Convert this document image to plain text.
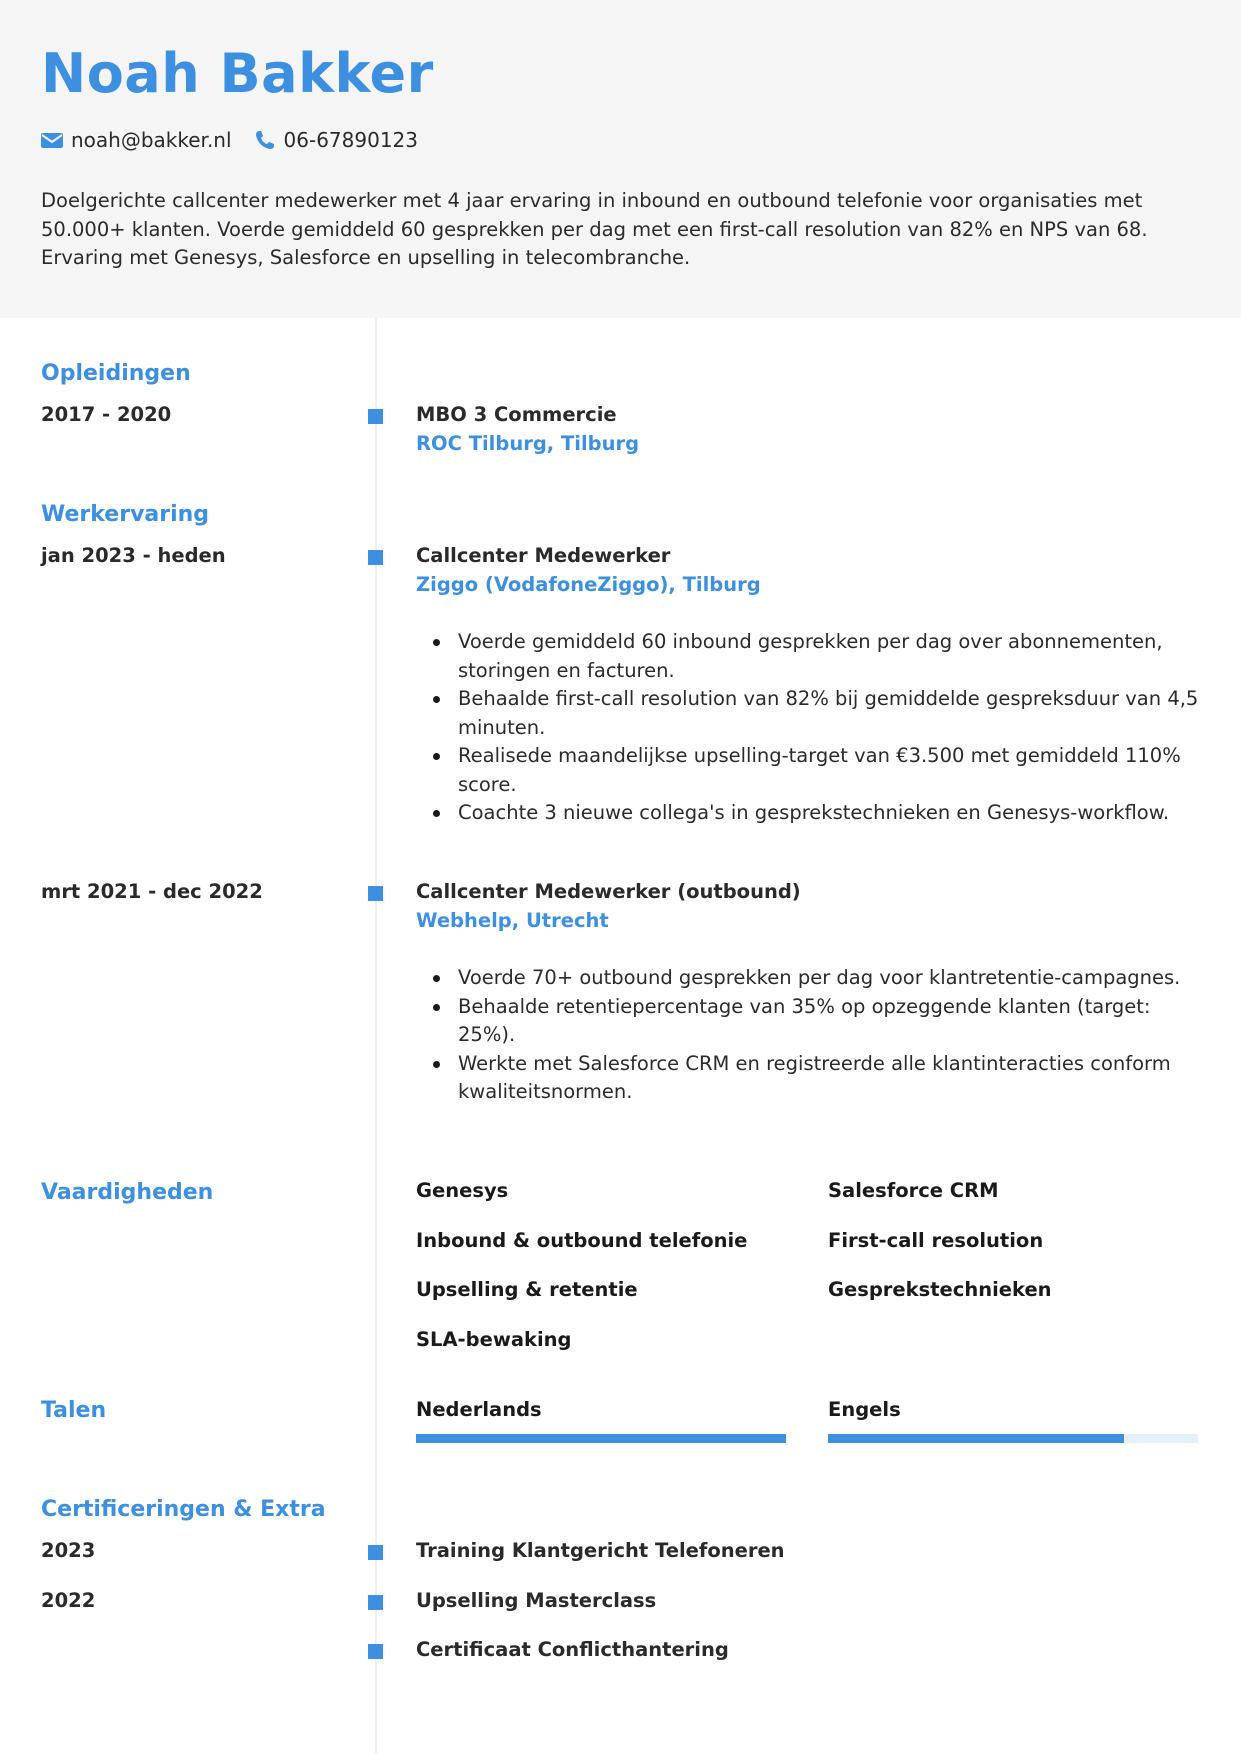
Noah Bakker
noah@bakker.nl	06-67890123
Doelgerichte callcenter medewerker met 4 jaar ervaring in inbound en outbound telefonie voor organisaties met 50.000+ klanten. Voerde gemiddeld 60 gesprekken per dag met een first-call resolution van 82% en NPS van 68. Ervaring met Genesys, Salesforce en upselling in telecombranche.
Opleidingen
2017 - 2020	MBO 3 Commercie
ROC Tilburg, Tilburg
Werkervaring
jan 2023 - heden	Callcenter Medewerker
Ziggo (VodafoneZiggo), Tilburg
Voerde gemiddeld 60 inbound gesprekken per dag over abonnementen, storingen en facturen.
Behaalde first-call resolution van 82% bij gemiddelde gespreksduur van 4,5 minuten.
Realisede maandelijkse upselling-target van €3.500 met gemiddeld 110% score.
Coachte 3 nieuwe collega's in gesprekstechnieken en Genesys-workflow.
mrt 2021 - dec 2022	Callcenter Medewerker (outbound)
Webhelp, Utrecht
Voerde 70+ outbound gesprekken per dag voor klantretentie-campagnes.
Behaalde retentiepercentage van 35% op opzeggende klanten (target: 25%).
Werkte met Salesforce CRM en registreerde alle klantinteracties conform kwaliteitsnormen.
Vaardigheden	Genesys	Salesforce CRM
Inbound & outbound telefonie	First-call resolution
Upselling & retentie	Gesprekstechnieken
SLA-bewaking
Talen	Nederlands	Engels
Certificeringen & Extra
2023	Training Klantgericht Telefoneren
2022	Upselling Masterclass
Certificaat Conflicthantering
